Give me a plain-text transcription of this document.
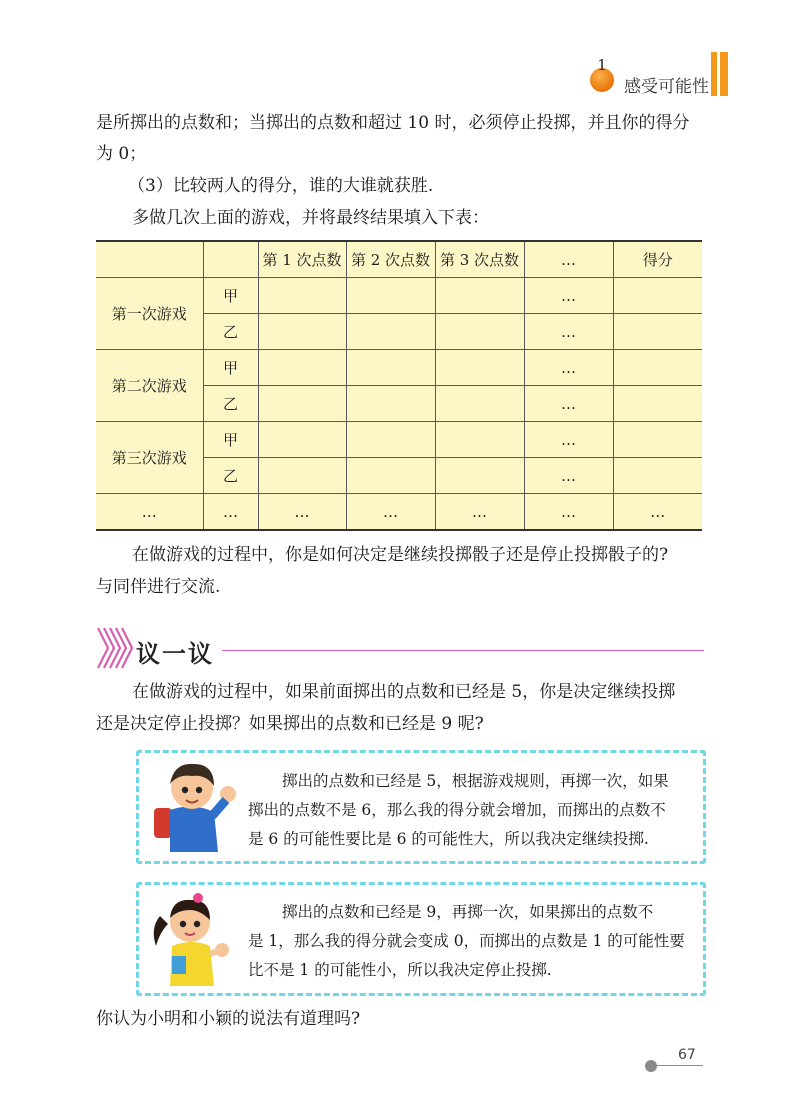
1
感受可能性
是所掷出的点数和；当掷出的点数和超过 10 时，必须停止投掷，并且你的得分
为 0；
（3）比较两人的得分，谁的大谁就获胜.
多做几次上面的游戏，并将最终结果填入下表：
		第 1 次点数	第 2 次点数	第 3 次点数	…	得分
第一次游戏	甲				…	
	乙				…	
第二次游戏	甲				…	
	乙				…	
第三次游戏	甲				…	
	乙				…	
…	…	…	…	…	…	…
在做游戏的过程中，你是如何决定是继续投掷骰子还是停止投掷骰子的?
与同伴进行交流.
议一议
在做游戏的过程中，如果前面掷出的点数和已经是 5，你是决定继续投掷
还是决定停止投掷？如果掷出的点数和已经是 9 呢?
掷出的点数和已经是 5，根据游戏规则，再掷一次，如果
掷出的点数不是 6，那么我的得分就会增加，而掷出的点数不
是 6 的可能性要比是 6 的可能性大，所以我决定继续投掷.
掷出的点数和已经是 9，再掷一次，如果掷出的点数不
是 1，那么我的得分就会变成 0，而掷出的点数是 1 的可能性要
比不是 1 的可能性小，所以我决定停止投掷.
你认为小明和小颖的说法有道理吗?
67
